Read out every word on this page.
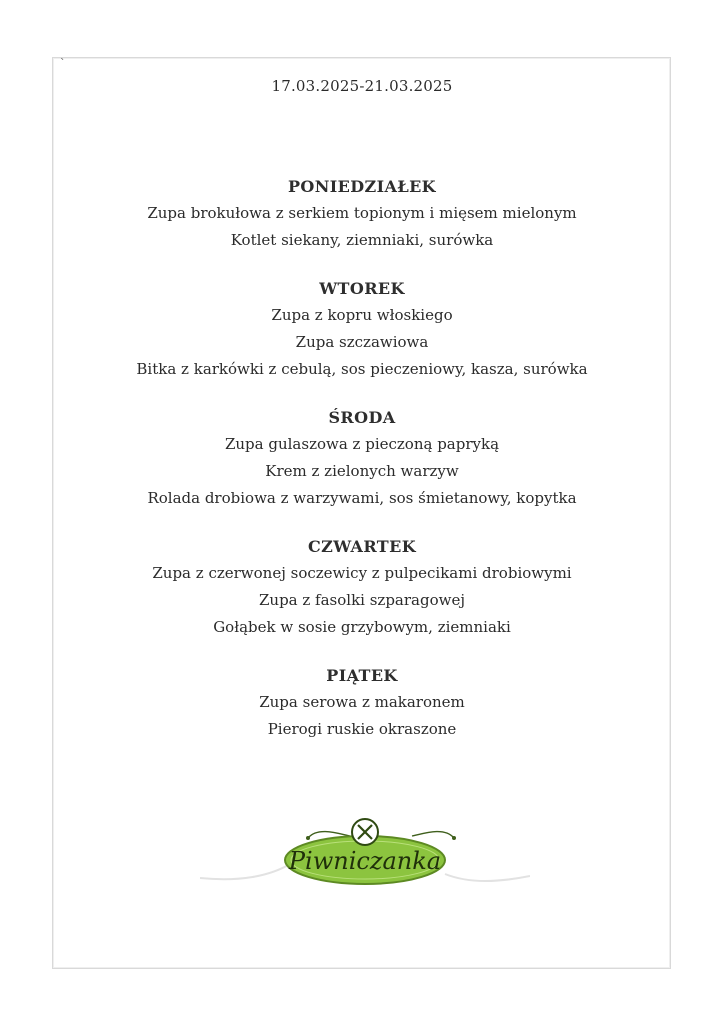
`
17.03.2025-21.03.2025
PONIEDZIAŁEK
Zupa brokułowa z serkiem topionym i mięsem mielonym
Kotlet siekany, ziemniaki, surówka
WTOREK
Zupa z kopru włoskiego
Zupa szczawiowa
Bitka z karkówki z cebulą, sos pieczeniowy, kasza, surówka
ŚRODA
Zupa gulaszowa z pieczoną papryką
Krem z zielonych warzyw
Rolada drobiowa z warzywami, sos śmietanowy, kopytka
CZWARTEK
Zupa z czerwonej soczewicy z pulpecikami drobiowymi
Zupa z fasolki szparagowej
Gołąbek w sosie grzybowym, ziemniaki
PIĄTEK
Zupa serowa z makaronem
Pierogi ruskie okraszone
Piwniczanka
